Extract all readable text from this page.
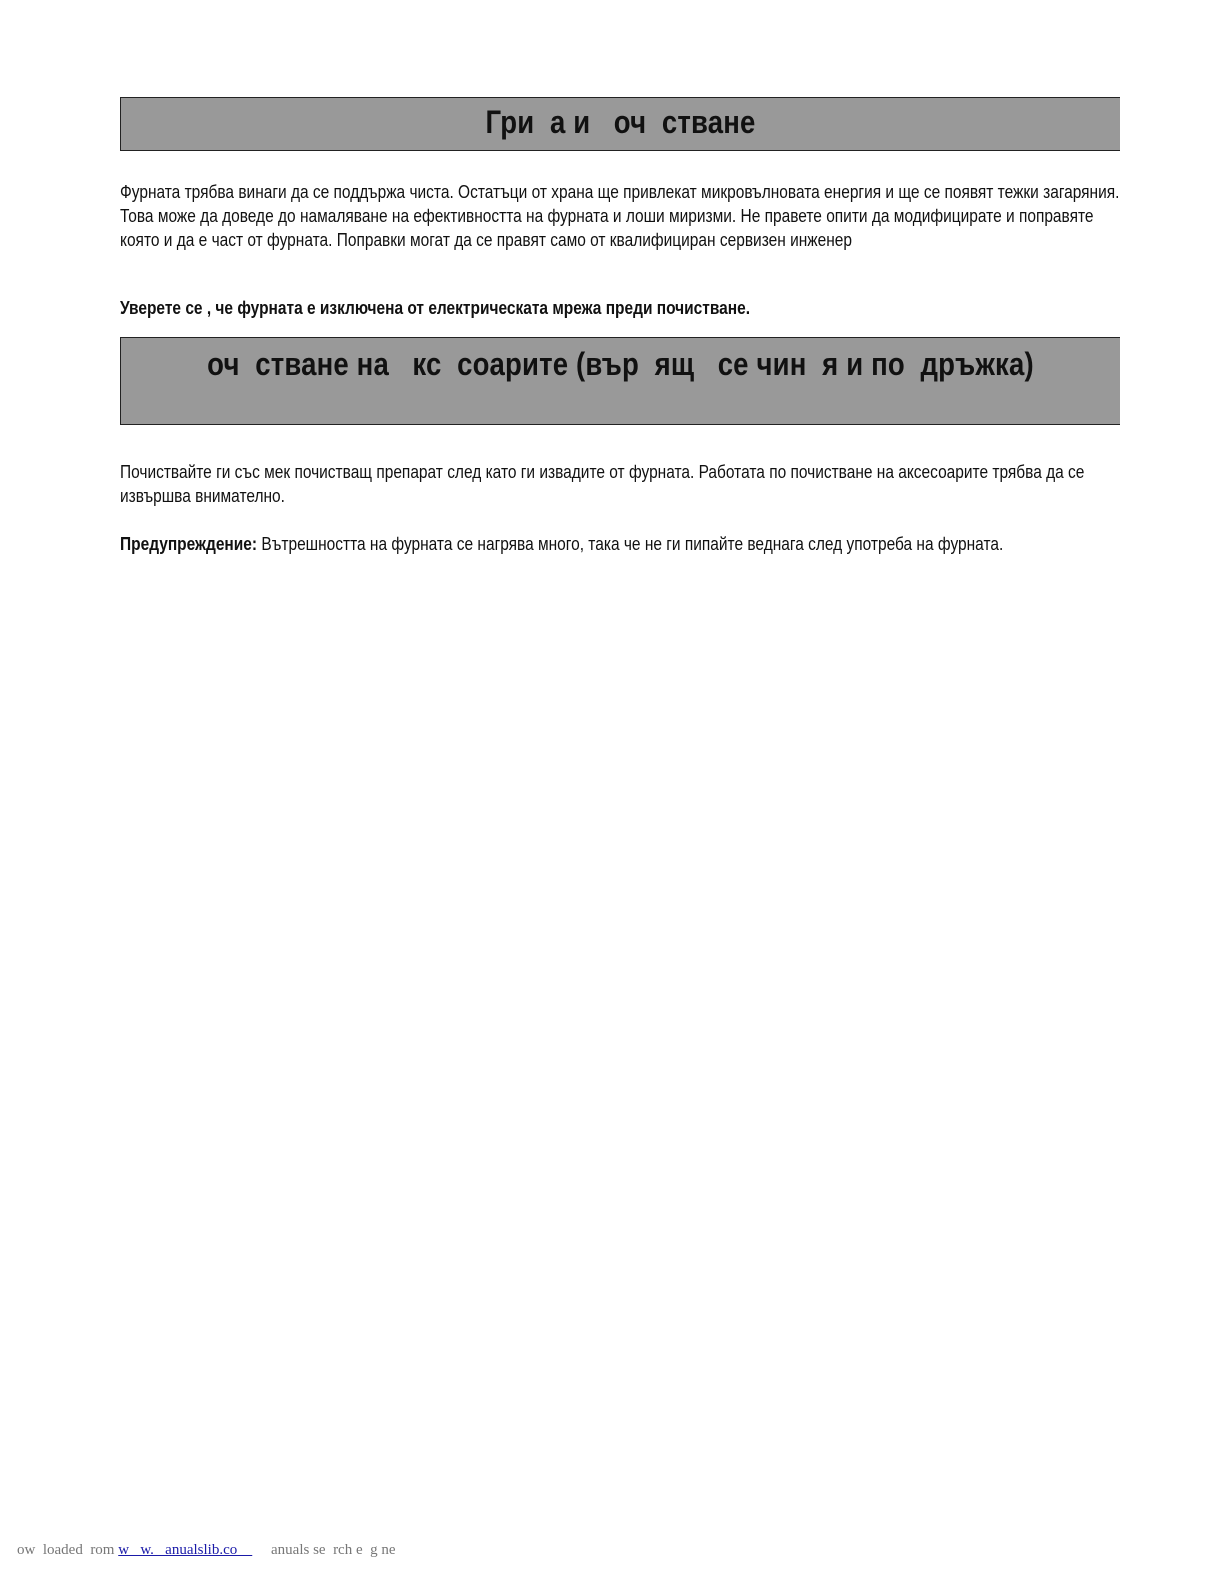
Гри  а и   оч  стване

Фурната трябва винаги да се поддържа чиста. Остатъци от храна ще привлекат микровълновата енергия и ще се появят тежки загаряния. Това може да доведе до намаляване на ефективността на фурната и лоши миризми. Не правете опити да модифицирате и поправяте която и да е част от фурната. Поправки могат да се правят само от квалифициран сервизен инженер

Уверете се , че фурната е изключена от електрическата мрежа преди почистване.

оч  стване на   кс  соарите (вър  ящ   се чин  я и по  дръжка)

Почиствайте ги със мек почистващ препарат след като ги извадите от фурната. Работата по почистване на аксесоарите трябва да се извършва внимателно.

Предупреждение: Вътрешността на фурната се нагрява много, така че не ги пипайте веднага след употреба на фурната.

ow  loaded  rom w   w.   anualslib.co         anuals se  rch e  g ne
